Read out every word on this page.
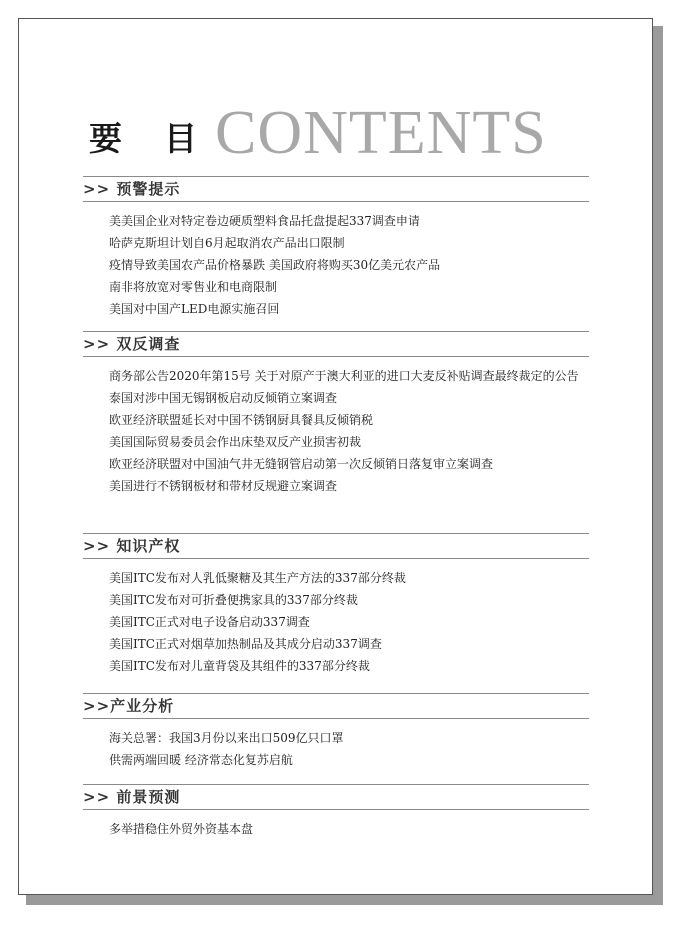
要 目 CONTENTS
>> 预警提示
美美国企业对特定卷边硬质塑料食品托盘提起337调查申请
哈萨克斯坦计划自6月起取消农产品出口限制
疫情导致美国农产品价格暴跌 美国政府将购买30亿美元农产品
南非将放宽对零售业和电商限制
美国对中国产LED电源实施召回
>> 双反调查
商务部公告2020年第15号 关于对原产于澳大利亚的进口大麦反补贴调查最终裁定的公告
泰国对涉中国无锡钢板启动反倾销立案调查
欧亚经济联盟延长对中国不锈钢厨具餐具反倾销税
美国国际贸易委员会作出床垫双反产业损害初裁
欧亚经济联盟对中国油气井无缝钢管启动第一次反倾销日落复审立案调查
美国进行不锈钢板材和带材反规避立案调查
>> 知识产权
美国ITC发布对人乳低聚糖及其生产方法的337部分终裁
美国ITC发布对可折叠便携家具的337部分终裁
美国ITC正式对电子设备启动337调查
美国ITC正式对烟草加热制品及其成分启动337调查
美国ITC发布对儿童背袋及其组件的337部分终裁
>>产业分析
海关总署：我国3月份以来出口509亿只口罩
供需两端回暖 经济常态化复苏启航
>> 前景预测
多举措稳住外贸外资基本盘
